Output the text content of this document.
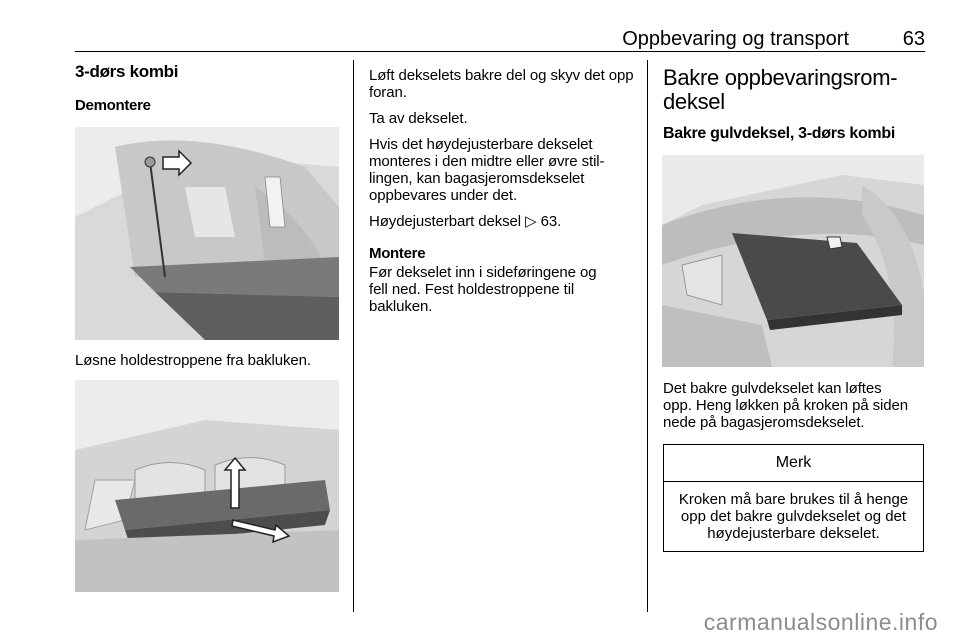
Oppbevaring og transport	63

3-dørs kombi

Demontere

Løsne holdestroppene fra bakluken.

Løft dekselets bakre del og skyv det opp foran.

Ta av dekselet.

Hvis det høydejusterbare dekselet
monteres i den midtre eller øvre stil-
lingen, kan bagasjeromsdekselet
oppbevares under det.

Høydejusterbart deksel ▷ 63.

Montere

Før dekselet inn i sideføringene og
fell ned. Fest holdestroppene til
bakluken.

Bakre oppbevaringsrom-
deksel

Bakre gulvdeksel, 3-dørs kombi

Det bakre gulvdekselet kan løftes
opp. Heng løkken på kroken på siden
nede på bagasjeromsdekselet.

Merk
Kroken må bare brukes til å henge
opp det bakre gulvdekselet og det
høydejusterbare dekselet.
carmanualsonline.info
